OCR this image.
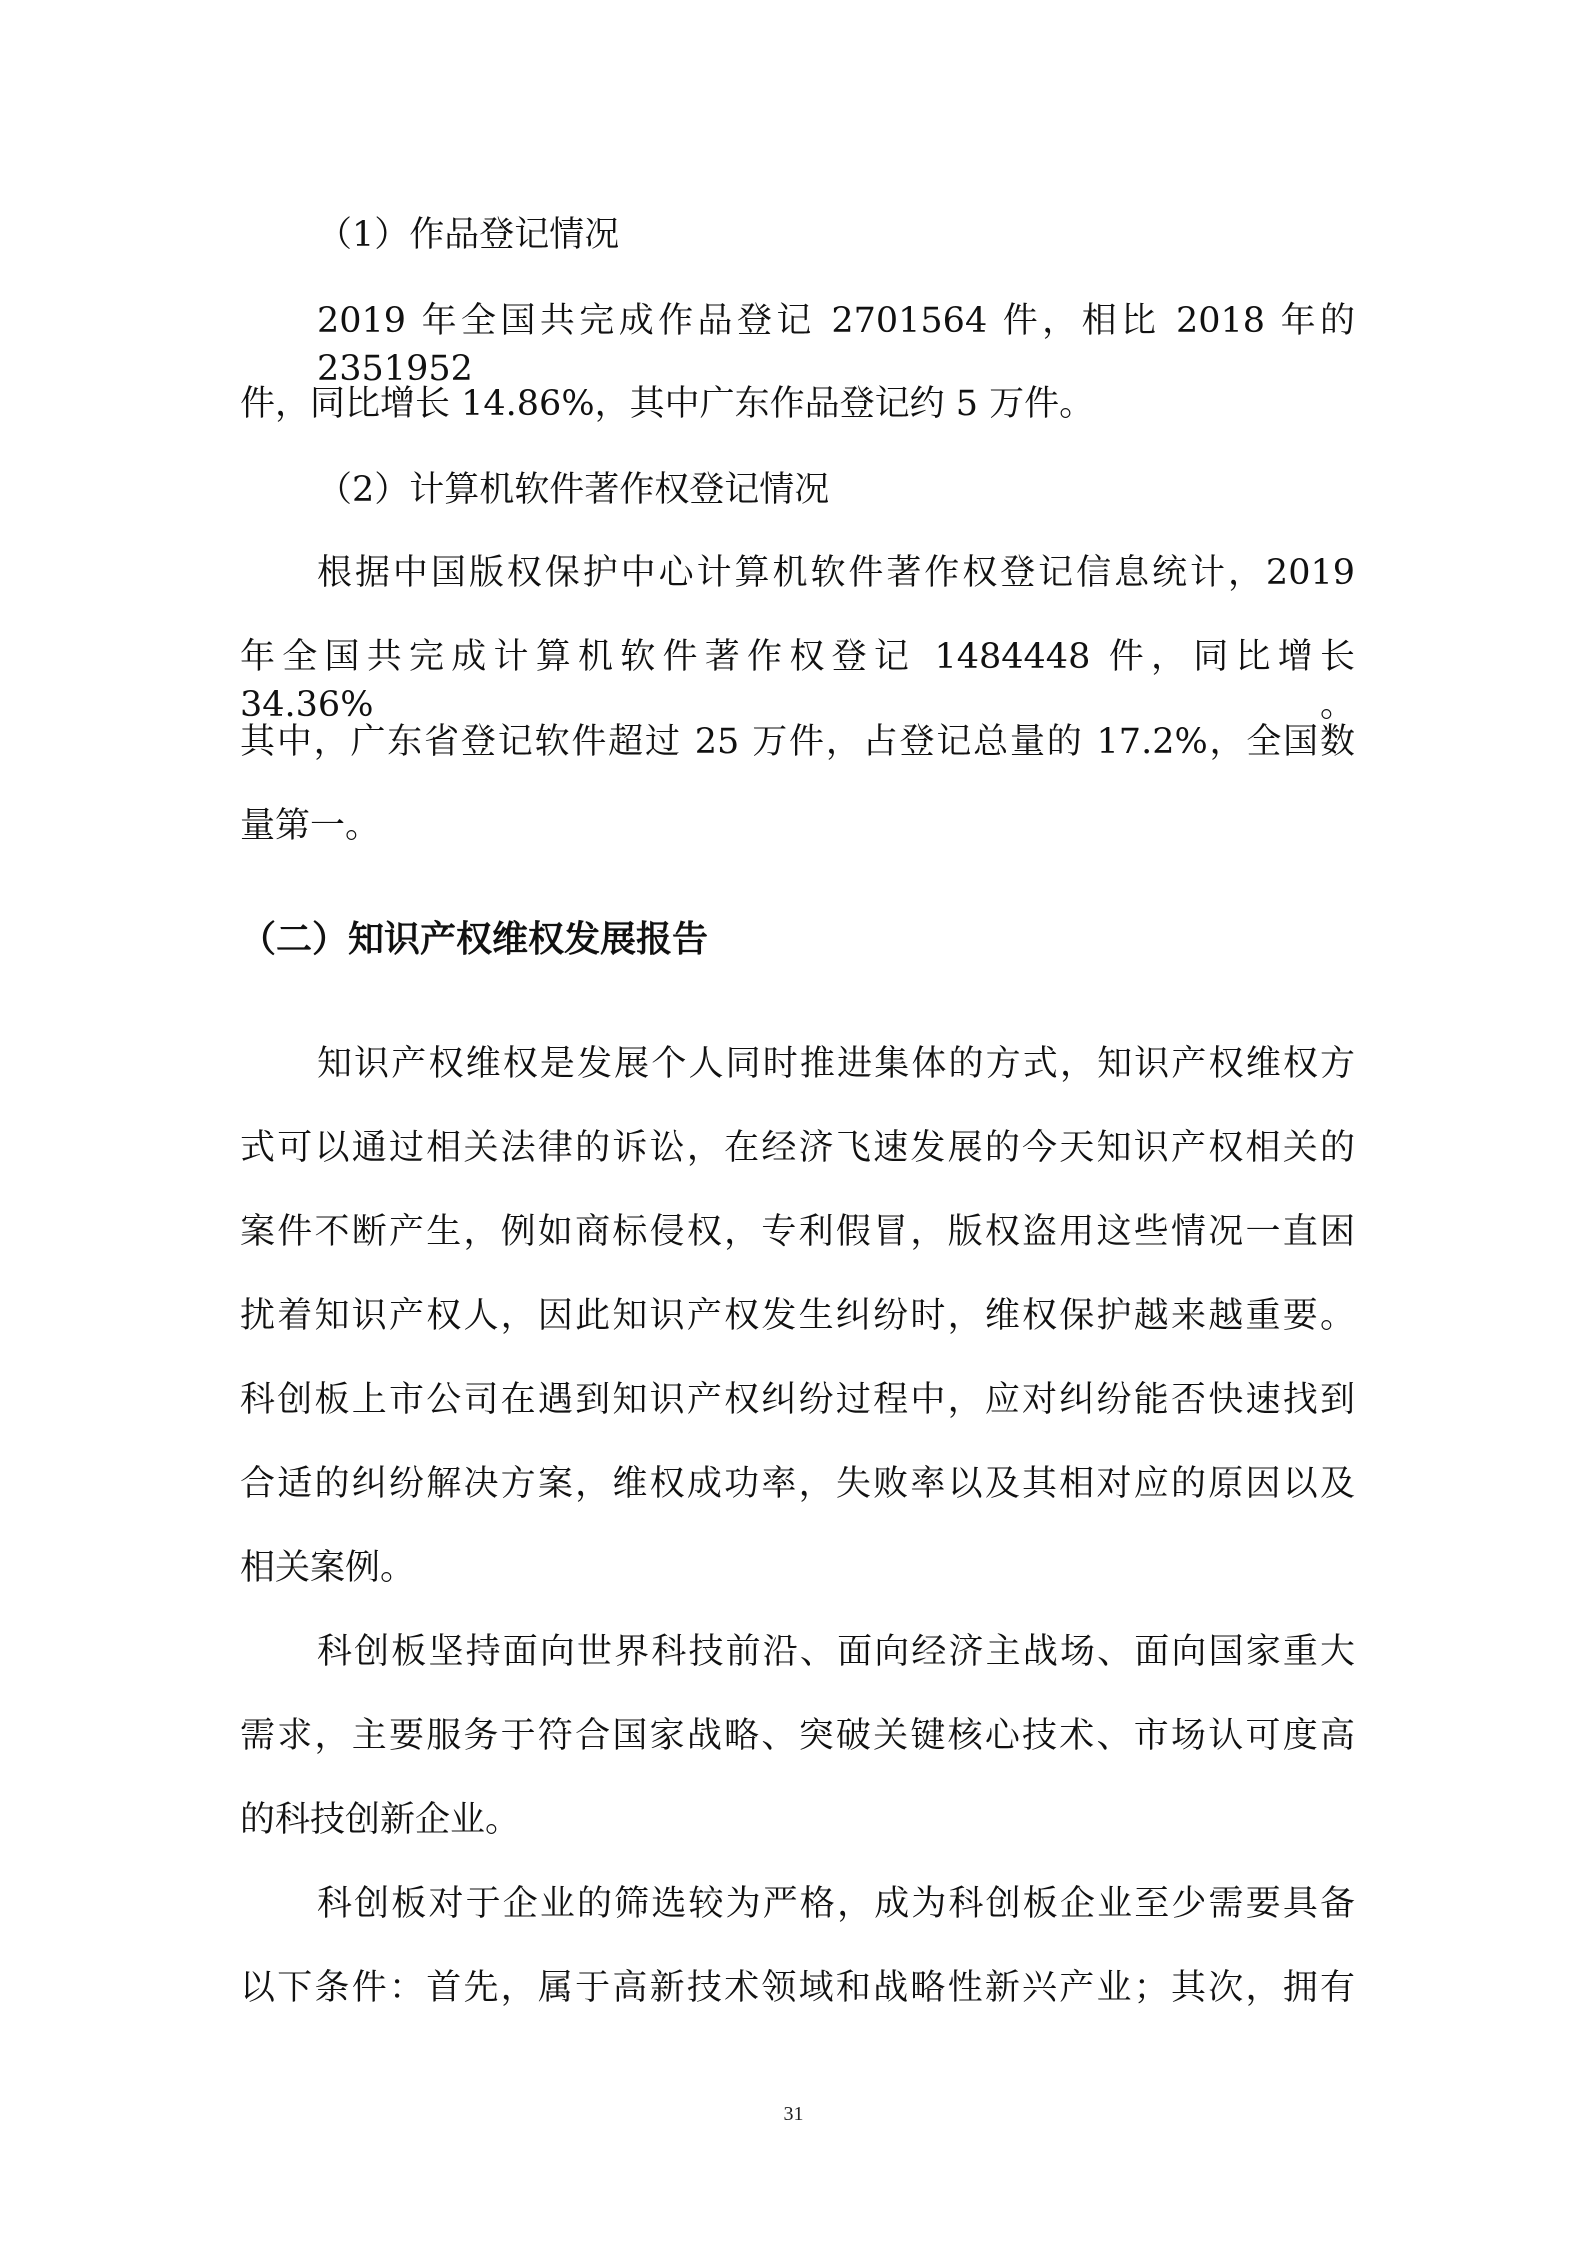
（1）作品登记情况
2019 年全国共完成作品登记 2701564 件，相比 2018 年的 2351952
件，同比增长 14.86%，其中广东作品登记约 5 万件。
（2）计算机软件著作权登记情况
根据中国版权保护中心计算机软件著作权登记信息统计，2019
年全国共完成计算机软件著作权登记 1484448 件，同比增长 34.36%。
其中，广东省登记软件超过 25 万件，占登记总量的 17.2%，全国数
量第一。
（二）知识产权维权发展报告
知识产权维权是发展个人同时推进集体的方式，知识产权维权方
式可以通过相关法律的诉讼，在经济飞速发展的今天知识产权相关的
案件不断产生，例如商标侵权，专利假冒，版权盗用这些情况一直困
扰着知识产权人，因此知识产权发生纠纷时，维权保护越来越重要。
科创板上市公司在遇到知识产权纠纷过程中，应对纠纷能否快速找到
合适的纠纷解决方案，维权成功率，失败率以及其相对应的原因以及
相关案例。
科创板坚持面向世界科技前沿、面向经济主战场、面向国家重大
需求，主要服务于符合国家战略、突破关键核心技术、市场认可度高
的科技创新企业。
科创板对于企业的筛选较为严格，成为科创板企业至少需要具备
以下条件：首先，属于高新技术领域和战略性新兴产业；其次，拥有
31
